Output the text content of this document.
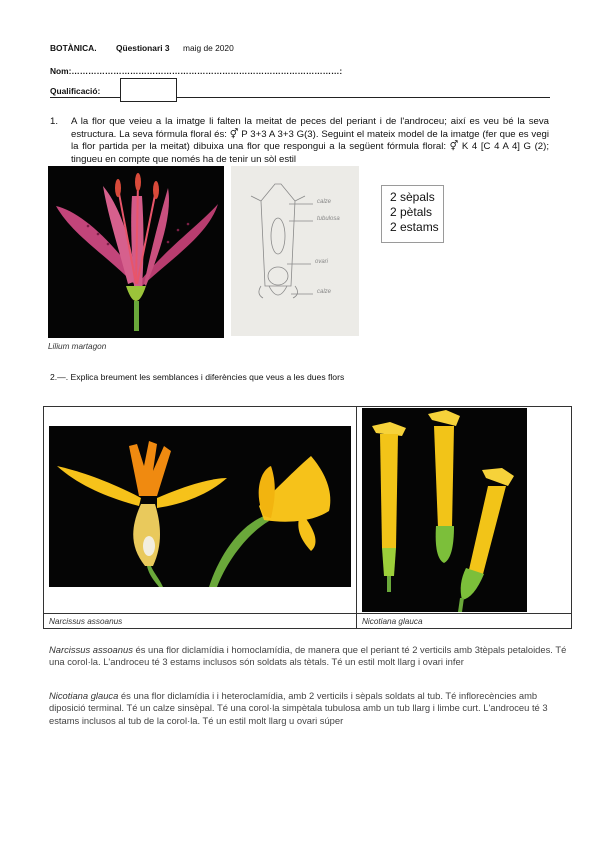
BOTÀNICA. Qüestionari 3 maig de 2020
Nom:……………………………………………………………………………………:
Qualificació:
1. A la flor que veieu a la imatge li falten la meitat de peces del periant i de l'androceu; així es veu bé la seva estructura. La seva fórmula floral és: ⚥ P 3+3 A 3+3 G(3). Seguint el mateix model de la imatge (fer que es vegi la flor partida per la meitat) dibuixa una flor que respongui a la següent fórmula floral: ⚥ K 4 [C 4 A 4] G (2); tingueu en compte que només ha de tenir un sòl estil
Lilium martagon
calze
tubulosa
ovari
calze
2 sèpals
2 pètals
2 estams
2.—. Explica breument les semblances i diferències que veus a les dues flors
Narcissus assoanus	Nicotiana glauca
Narcissus assoanus és una flor diclamídia i homoclamídia, de manera que el periant té 2 verticils amb 3tèpals petaloides. Té una corol·la. L'androceu té 3 estams inclusos són soldats als tètals. Té un estil molt llarg i ovari infer
Nicotiana glauca és una flor diclamídia i i heteroclamídia, amb 2 verticils i sèpals soldats al tub. Té inflorecències amb diposició terminal. Té un calze sinsèpal. Té una corol·la simpètala tubulosa amb un tub llarg i limbe curt. L'androceu té 3 estams inclusos al tub de la corol·la. Té un estil molt llarg u ovari súper
